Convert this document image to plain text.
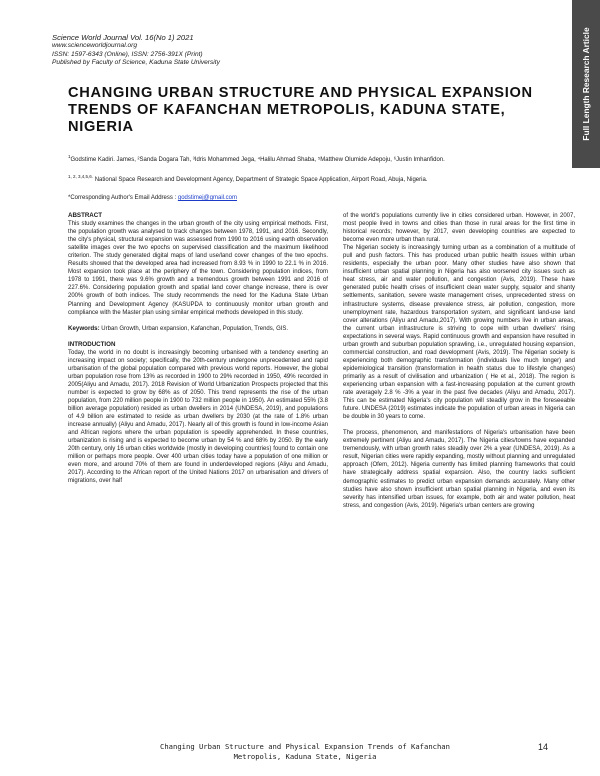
Science World Journal Vol. 16(No 1) 2021
www.scienceworldjournal.org
ISSN: 1597-6343 (Online), ISSN: 2756-391X (Print)
Published by Faculty of Science, Kaduna State University	Full Length Research Article
CHANGING URBAN STRUCTURE AND PHYSICAL EXPANSION TRENDS OF KAFANCHAN METROPOLIS, KADUNA STATE, NIGERIA
$^1$Godstime Kadiri. James, ²Sanda Dogara Tah, ³Idris Mohammed Jega, ⁴Halilu Ahmad Shaba, ⁵Matthew Olumide Adepoju, ⁶Justin Imhanfidon.
$^{1, 2, 3,4,5,6.}$ National Space Research and Development Agency, Department of Strategic Space Application, Airport Road, Abuja, Nigeria.
*Corresponding Author's Email Address : godstimej@gmail.com
ABSTRACT

This study examines the changes in the urban growth of the city using empirical methods. First, the population growth was analysed to track changes between 1978, 1991, and 2016. Secondly, the city's physical, structural expansion was assessed from 1990 to 2016 using earth observation satellite images over the two epochs on supervised classification and the maximum likelihood criterion. The study generated digital maps of land use/land cover changes of the two epochs. Results showed that the developed area had increased from 8.93 % in 1990 to 22.1 % in 2016. Most expansion took place at the periphery of the town. Considering population indices, from 1978 to 1991, there was 9.6% growth and a tremendous growth between 1991 and 2016 of 227.6%. Considering population growth and spatial land cover change increase, there is over 200% growth of both indices. The study recommends the need for the Kaduna State Urban Planning and Development Agency (KASUPDA to continuously monitor urban growth and compliance with the Master plan using similar empirical methods developed in this study.

Keywords: Urban Growth, Urban expansion, Kafanchan, Population, Trends, GIS.

INTRODUCTION

Today, the world in no doubt is increasingly becoming urbanised with a tendency exerting an increasing impact on society; specifically, the 20th-century undergone unprecedented and rapid urbanisation of the global population compared with previous world reports. However, the global urban population rose from 13% as recorded in 1900 to 29% recorded in 1950, 49% recorded in 2005(Aliyu and Amadu, 2017). 2018 Revision of World Urbanization Prospects projected that this number is expected to grow by 68% as of 2050. This trend represents the rise of the urban population, from 220 million people in 1900 to 732 million people in 1950). An estimated 55% (3.8 billion average population) resided as urban dwellers in 2014 (UNDESA, 2019), and populations of 4.9 billion are estimated to reside as urban dwellers by 2030 (at the rate of 1.8% urban increase annually) (Aliyu and Amadu, 2017). Nearly all of this growth is found in low-income Asian and African regions where the urban population is speedily apprehended. In these countries, urbanization is rising and is expected to become urban by 54 % and 68% by 2050. By the early 20th century, only 16 urban cities worldwide (mostly in developing countries) found to contain one million or perhaps more people. Over 400 urban cities today have a population of one million or even more, and around 70% of them are found in underdeveloped regions (Aliyu and Amadu, 2017). According to the African report of the United Nations 2017 on urbanisation and drivers of migrations, over half

of the world's populations currently live in cities considered urban. However, in 2007, most people lived in towns and cities than those in rural areas for the first time in historical records; however, by 2017, even developing countries are expected to become even more urban than rural.

The Nigerian society is increasingly turning urban as a combination of a multitude of pull and push factors. This has produced urban public health issues within urban residents, especially the urban poor. Many other studies have also shown that insufficient urban spatial planning in Nigeria has also worsened city issues such as heat stress, air and water pollution, and congestion (Avis, 2019). These have generated public health crises of insufficient clean water supply, squalor and shanty settlements, sanitation, severe waste management crises, unprecedented stress on infrastructure systems, disease prevalence stress, air pollution, congestion, more unemployment rate, hazardous transportation system, and significant land-use land cover alterations (Aliyu and Amadu,2017). With growing numbers live in urban areas, the current urban infrastructure is striving to cope with urban dwellers' rising expectations in several ways. Rapid continuous growth and expansion have resulted in urban growth and suburban population sprawling, i.e., unregulated housing expansion, commercial construction, and road development (Avis, 2019). The Nigerian society is experiencing both demographic transformation (individuals live much longer) and epidemiological transition (transformation in health status due to lifestyle changes) primarily as a result of civilisation and urbanization ( He et al., 2018). The region is experiencing urban expansion with a fast-increasing population at the current growth rate averagely 2.8 % -3% a year in the past five decades (Aliyu and Amadu, 2017). This can be estimated Nigeria's city population will steadily grow in the foreseeable future. UNDESA (2019) estimates indicate the population of urban areas in Nigeria can be double in 30 years to come.

The process, phenomenon, and manifestations of Nigeria's urbanisation have been extremely pertinent (Aliyu and Amadu, 2017). The Nigeria cities/towns have expanded tremendously, with urban growth rates steadily over 2% a year (UNDESA, 2019). As a result, Nigerian cities were rapidly expanding, mostly without planning and unregulated approach (Ofem, 2012). Nigeria currently has limited planning frameworks that could have strategically address spatial expansion. Also, the country lacks sufficient demographic estimates to predict urban expansion demands accurately. Many other studies have also shown insufficient urban spatial planning in Nigeria, and even its severity has intensified urban issues, for example, both air and water pollution, heat stress, and congestion (Avis, 2019). Nigeria's urban centers are growing

Changing Urban Structure and Physical Expansion Trends of Kafanchan
Metropolis, Kaduna State, Nigeria
14
